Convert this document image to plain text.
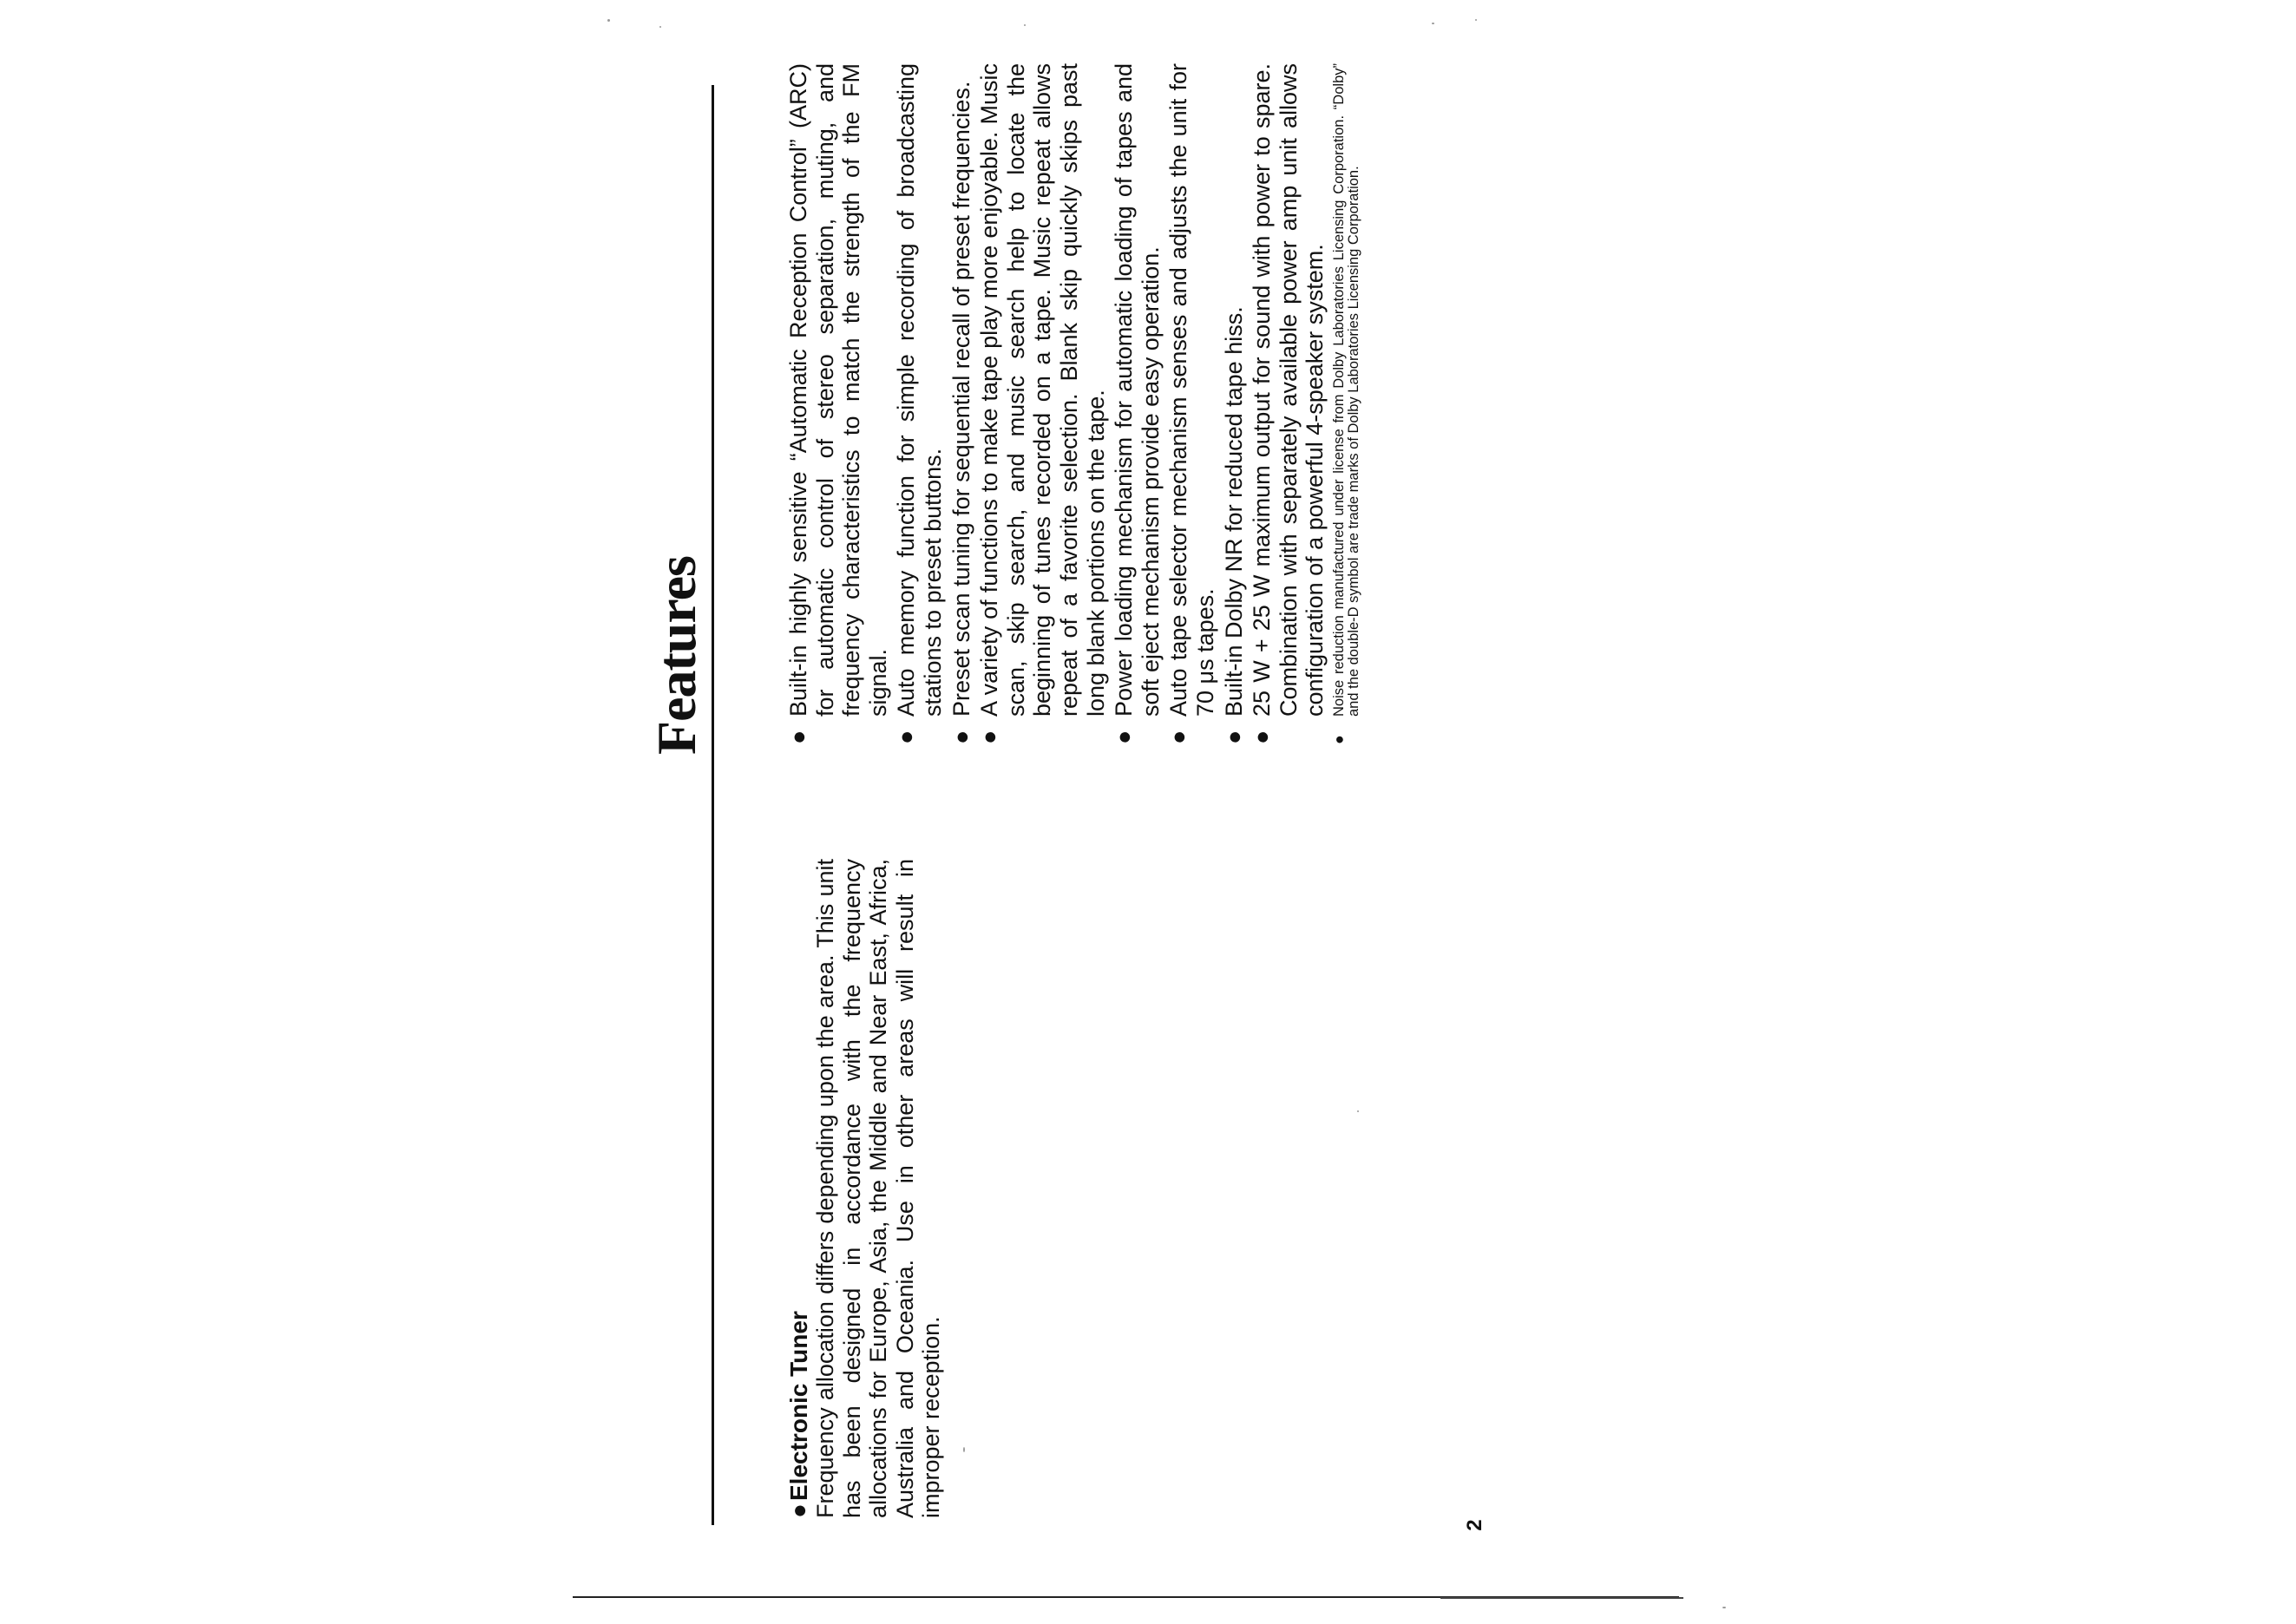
Features
2
●Electronic Tuner Frequency allocation differs depending upon the area. This unit has been designed in accordance with the frequency allocations for Europe, Asia, the Middle and Near East, Africa, Australia and Oceania. Use in other areas will result in improper reception.
●
Built-in highly sensitive “Automatic Reception Control” (ARC) for automatic control of stereo separation, muting, and frequency characteristics to match the strength of the FM signal.
●
Auto memory function for simple recording of broadcasting stations to preset buttons.
●
Preset scan tuning for sequential recall of preset frequencies.
●
A variety of functions to make tape play more enjoyable. Music scan, skip search, and music search help to locate the beginning of tunes recorded on a tape. Music repeat allows repeat of a favorite selection. Blank skip quickly skips past long blank portions on the tape.
●
Power loading mechanism for automatic loading of tapes and soft eject mechanism provide easy operation.
●
Auto tape selector mechanism senses and adjusts the unit for 70 μs tapes.
●
Built-in Dolby NR for reduced tape hiss.
●
25 W + 25 W maximum output for sound with power to spare. Combination with separately available power amp unit allows configuration of a powerful 4-speaker system.
●
Noise reduction manufactured under license from Dolby Laboratories Licensing Corporation. “Dolby” and the double-D symbol are trade marks of Dolby Laboratories Licensing Corporation.
